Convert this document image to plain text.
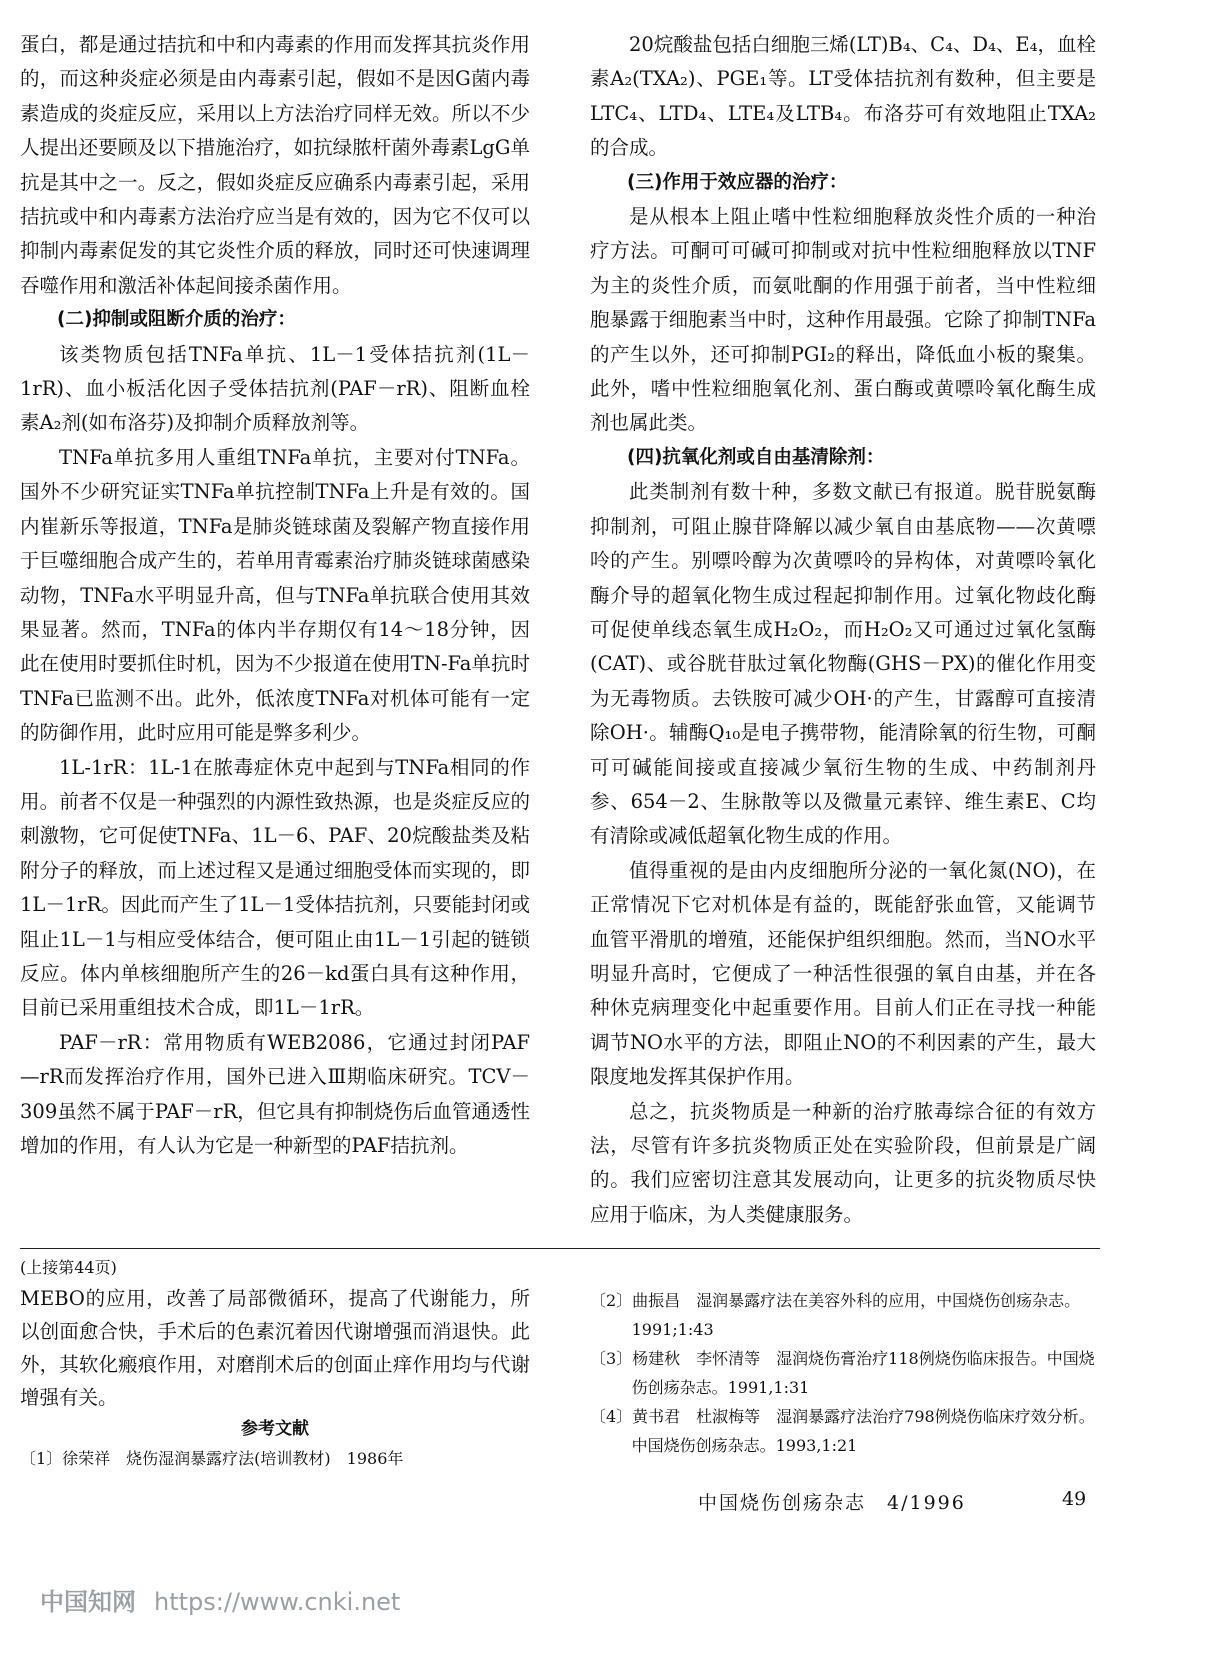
蛋白，都是通过拮抗和中和内毒素的作用而发挥其抗炎作用的，而这种炎症必须是由内毒素引起，假如不是因G菌内毒素造成的炎症反应，采用以上方法治疗同样无效。所以不少人提出还要顾及以下措施治疗，如抗绿脓杆菌外毒素LgG单抗是其中之一。反之，假如炎症反应确系内毒素引起，采用拮抗或中和内毒素方法治疗应当是有效的，因为它不仅可以抑制内毒素促发的其它炎性介质的释放，同时还可快速调理吞噬作用和激活补体起间接杀菌作用。

(二)抑制或阻断介质的治疗：

该类物质包括TNFa单抗、1L－1受体拮抗剂(1L－1rR)、血小板活化因子受体拮抗剂(PAF－rR)、阻断血栓素A₂剂(如布洛芬)及抑制介质释放剂等。

TNFa单抗多用人重组TNFa单抗，主要对付TNFa。国外不少研究证实TNFa单抗控制TNFa上升是有效的。国内崔新乐等报道，TNFa是肺炎链球菌及裂解产物直接作用于巨噬细胞合成产生的，若单用青霉素治疗肺炎链球菌感染动物，TNFa水平明显升高，但与TNFa单抗联合使用其效果显著。然而，TNFa的体内半存期仅有14～18分钟，因此在使用时要抓住时机，因为不少报道在使用TN-Fa单抗时TNFa已监测不出。此外，低浓度TNFa对机体可能有一定的防御作用，此时应用可能是弊多利少。

1L-1rR：1L-1在脓毒症休克中起到与TNFa相同的作用。前者不仅是一种强烈的内源性致热源，也是炎症反应的刺激物，它可促使TNFa、1L－6、PAF、20烷酸盐类及粘附分子的释放，而上述过程又是通过细胞受体而实现的，即1L－1rR。因此而产生了1L－1受体拮抗剂，只要能封闭或阻止1L－1与相应受体结合，便可阻止由1L－1引起的链锁反应。体内单核细胞所产生的26－kd蛋白具有这种作用，目前已采用重组技术合成，即1L－1rR。

PAF－rR：常用物质有WEB2086，它通过封闭PAF—rR而发挥治疗作用，国外已进入Ⅲ期临床研究。TCV－309虽然不属于PAF－rR，但它具有抑制烧伤后血管通透性增加的作用，有人认为它是一种新型的PAF拮抗剂。

20烷酸盐包括白细胞三烯(LT)B₄、C₄、D₄、E₄，血栓素A₂(TXA₂)、PGE₁等。LT受体拮抗剂有数种，但主要是LTC₄、LTD₄、LTE₄及LTB₄。布洛芬可有效地阻止TXA₂的合成。

(三)作用于效应器的治疗：

是从根本上阻止嗜中性粒细胞释放炎性介质的一种治疗方法。可酮可可碱可抑制或对抗中性粒细胞释放以TNF为主的炎性介质，而氨吡酮的作用强于前者，当中性粒细胞暴露于细胞素当中时，这种作用最强。它除了抑制TNFa的产生以外，还可抑制PGI₂的释出，降低血小板的聚集。此外，嗜中性粒细胞氧化剂、蛋白酶或黄嘌呤氧化酶生成剂也属此类。

(四)抗氧化剂或自由基清除剂：

此类制剂有数十种，多数文献已有报道。脱苷脱氨酶抑制剂，可阻止腺苷降解以减少氧自由基底物——次黄嘌呤的产生。别嘌呤醇为次黄嘌呤的异构体，对黄嘌呤氧化酶介导的超氧化物生成过程起抑制作用。过氧化物歧化酶可促使单线态氧生成H₂O₂，而H₂O₂又可通过过氧化氢酶(CAT)、或谷胱苷肽过氧化物酶(GHS－PX)的催化作用变为无毒物质。去铁胺可减少OH·的产生，甘露醇可直接清除OH·。辅酶Q₁₀是电子携带物，能清除氧的衍生物，可酮可可碱能间接或直接减少氧衍生物的生成、中药制剂丹参、654－2、生脉散等以及微量元素锌、维生素E、C均有清除或减低超氧化物生成的作用。

值得重视的是由内皮细胞所分泌的一氧化氮(NO)，在正常情况下它对机体是有益的，既能舒张血管，又能调节血管平滑肌的增殖，还能保护组织细胞。然而，当NO水平明显升高时，它便成了一种活性很强的氧自由基，并在各种休克病理变化中起重要作用。目前人们正在寻找一种能调节NO水平的方法，即阻止NO的不利因素的产生，最大限度地发挥其保护作用。

总之，抗炎物质是一种新的治疗脓毒综合征的有效方法，尽管有许多抗炎物质正处在实验阶段，但前景是广阔的。我们应密切注意其发展动向，让更多的抗炎物质尽快应用于临床，为人类健康服务。

(上接第44页)

MEBO的应用，改善了局部微循环，提高了代谢能力，所以创面愈合快，手术后的色素沉着因代谢增强而消退快。此外，其软化瘢痕作用，对磨削术后的创面止痒作用均与代谢增强有关。

参考文献

〔1〕徐荣祥　烧伤湿润暴露疗法(培训教材)　1986年

〔2〕曲振昌　湿润暴露疗法在美容外科的应用，中国烧伤创疡杂志。1991;1:43

〔3〕杨建秋　李怀清等　湿润烧伤膏治疗118例烧伤临床报告。中国烧伤创疡杂志。1991,1:31

〔4〕黄书君　杜淑梅等　湿润暴露疗法治疗798例烧伤临床疗效分析。中国烧伤创疡杂志。1993,1:21

中国烧伤创疡杂志　4/1996	49
中国知网 https://www.cnki.net
